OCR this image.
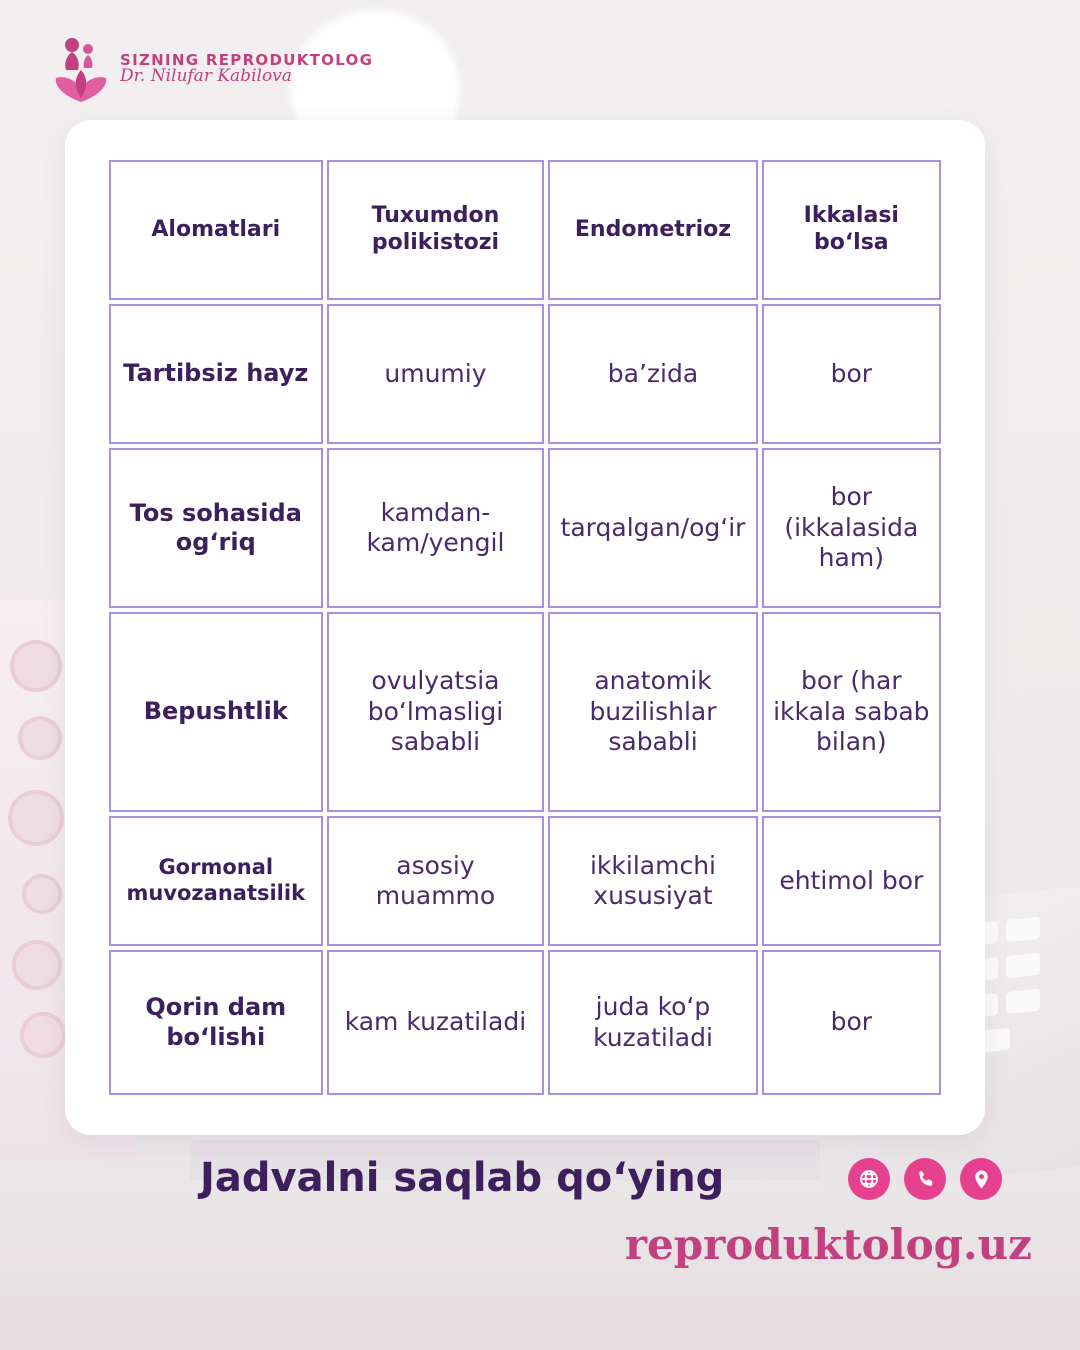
SIZNING REPRODUKTOLOG
Dr. Nilufar Kabilova
Alomatlari	Tuxumdon polikistozi	Endometrioz	Ikkalasi bo‘lsa
Tartibsiz hayz	umumiy	ba’zida	bor
Tos sohasida og‘riq	kamdan-kam/yengil	tarqalgan/og‘ir	bor (ikkalasida ham)
Bepushtlik	ovulyatsia bo‘lmasligi sababli	anatomik buzilishlar sababli	bor (har ikkala sabab bilan)
Gormonal muvozanatsilik	asosiy muammo	ikkilamchi xususiyat	ehtimol bor
Qorin dam bo‘lishi	kam kuzatiladi	juda ko‘p kuzatiladi	bor
Jadvalni saqlab qo‘ying
reproduktolog.uz
